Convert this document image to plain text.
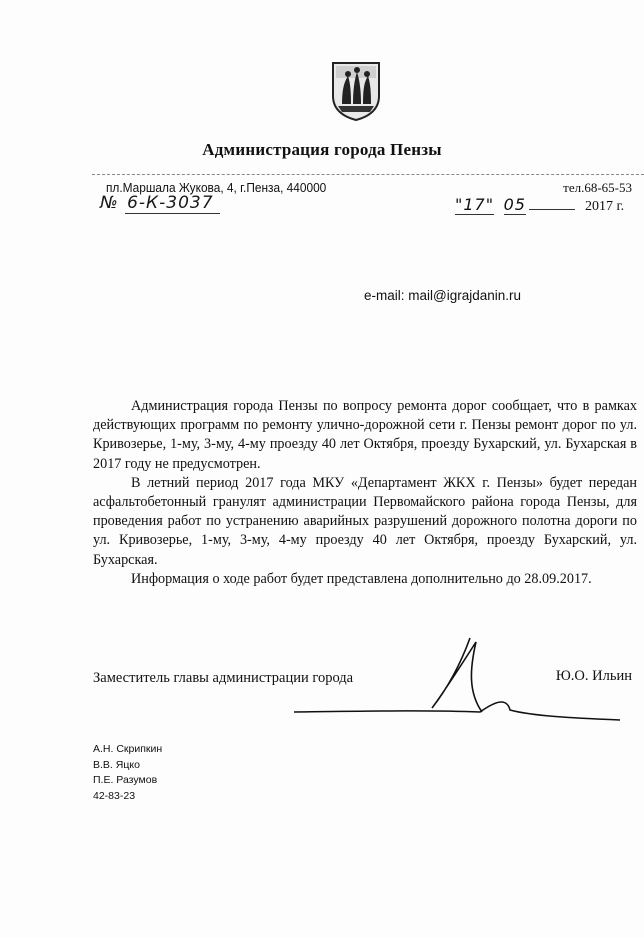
Администрация города Пензы
пл.Маршала Жукова, 4, г.Пенза, 440000	тел.68-65-53
№ 6-К-3037	"17" 05	2017 г.
e-mail: mail@igrajdanin.ru

Администрация города Пензы по вопросу ремонта дорог сообщает, что в рамках действующих программ по ремонту улично-дорожной сети г. Пензы ремонт дорог по ул. Кривозерье, 1-му, 3-му, 4-му проезду 40 лет Октября, проезду Бухарский, ул. Бухарская в 2017 году не предусмотрен.

В летний период 2017 года МКУ «Департамент ЖКХ г. Пензы» будет передан асфальтобетонный гранулят администрации Первомайского района города Пензы, для проведения работ по устранению аварийных разрушений дорожного полотна дороги по ул. Кривозерье, 1-му, 3-му, 4-му проезду 40 лет Октября, проезду Бухарский, ул. Бухарская.

Информация о ходе работ будет представлена дополнительно до 28.09.2017.

Заместитель главы администрации города	Ю.О. Ильин
А.Н. Скрипкин
В.В. Яцко
П.Е. Разумов
42-83-23
